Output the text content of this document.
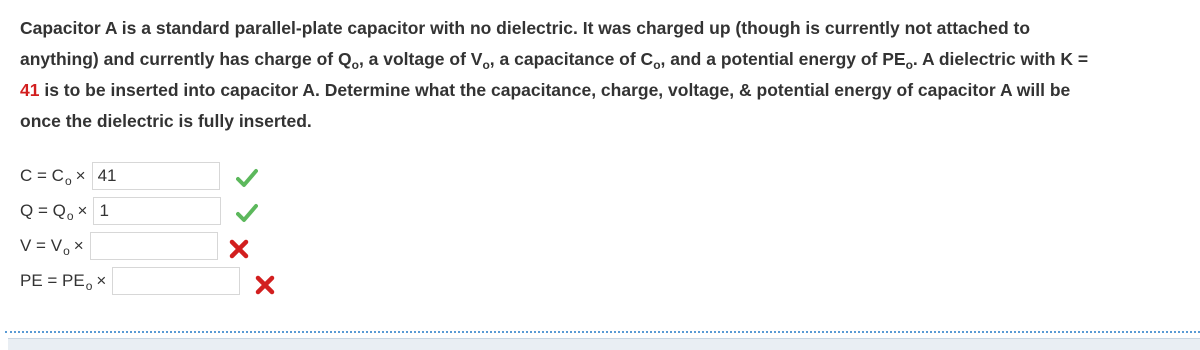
Capacitor A is a standard parallel-plate capacitor with no dielectric. It was charged up (though is currently not attached to
anything) and currently has charge of $Q_o$, a voltage of $V_o$, a capacitance of $C_o$, and a potential energy of $PE_o$. A dielectric with K =
41 is to be inserted into capacitor A. Determine what the capacitance, charge, voltage, & potential energy of capacitor A will be
once the dielectric is fully inserted.
$C = C_o$ ×
41
$Q = Q_o$ ×
1
$V = V_o$ ×
PE = $PE_o$ ×
